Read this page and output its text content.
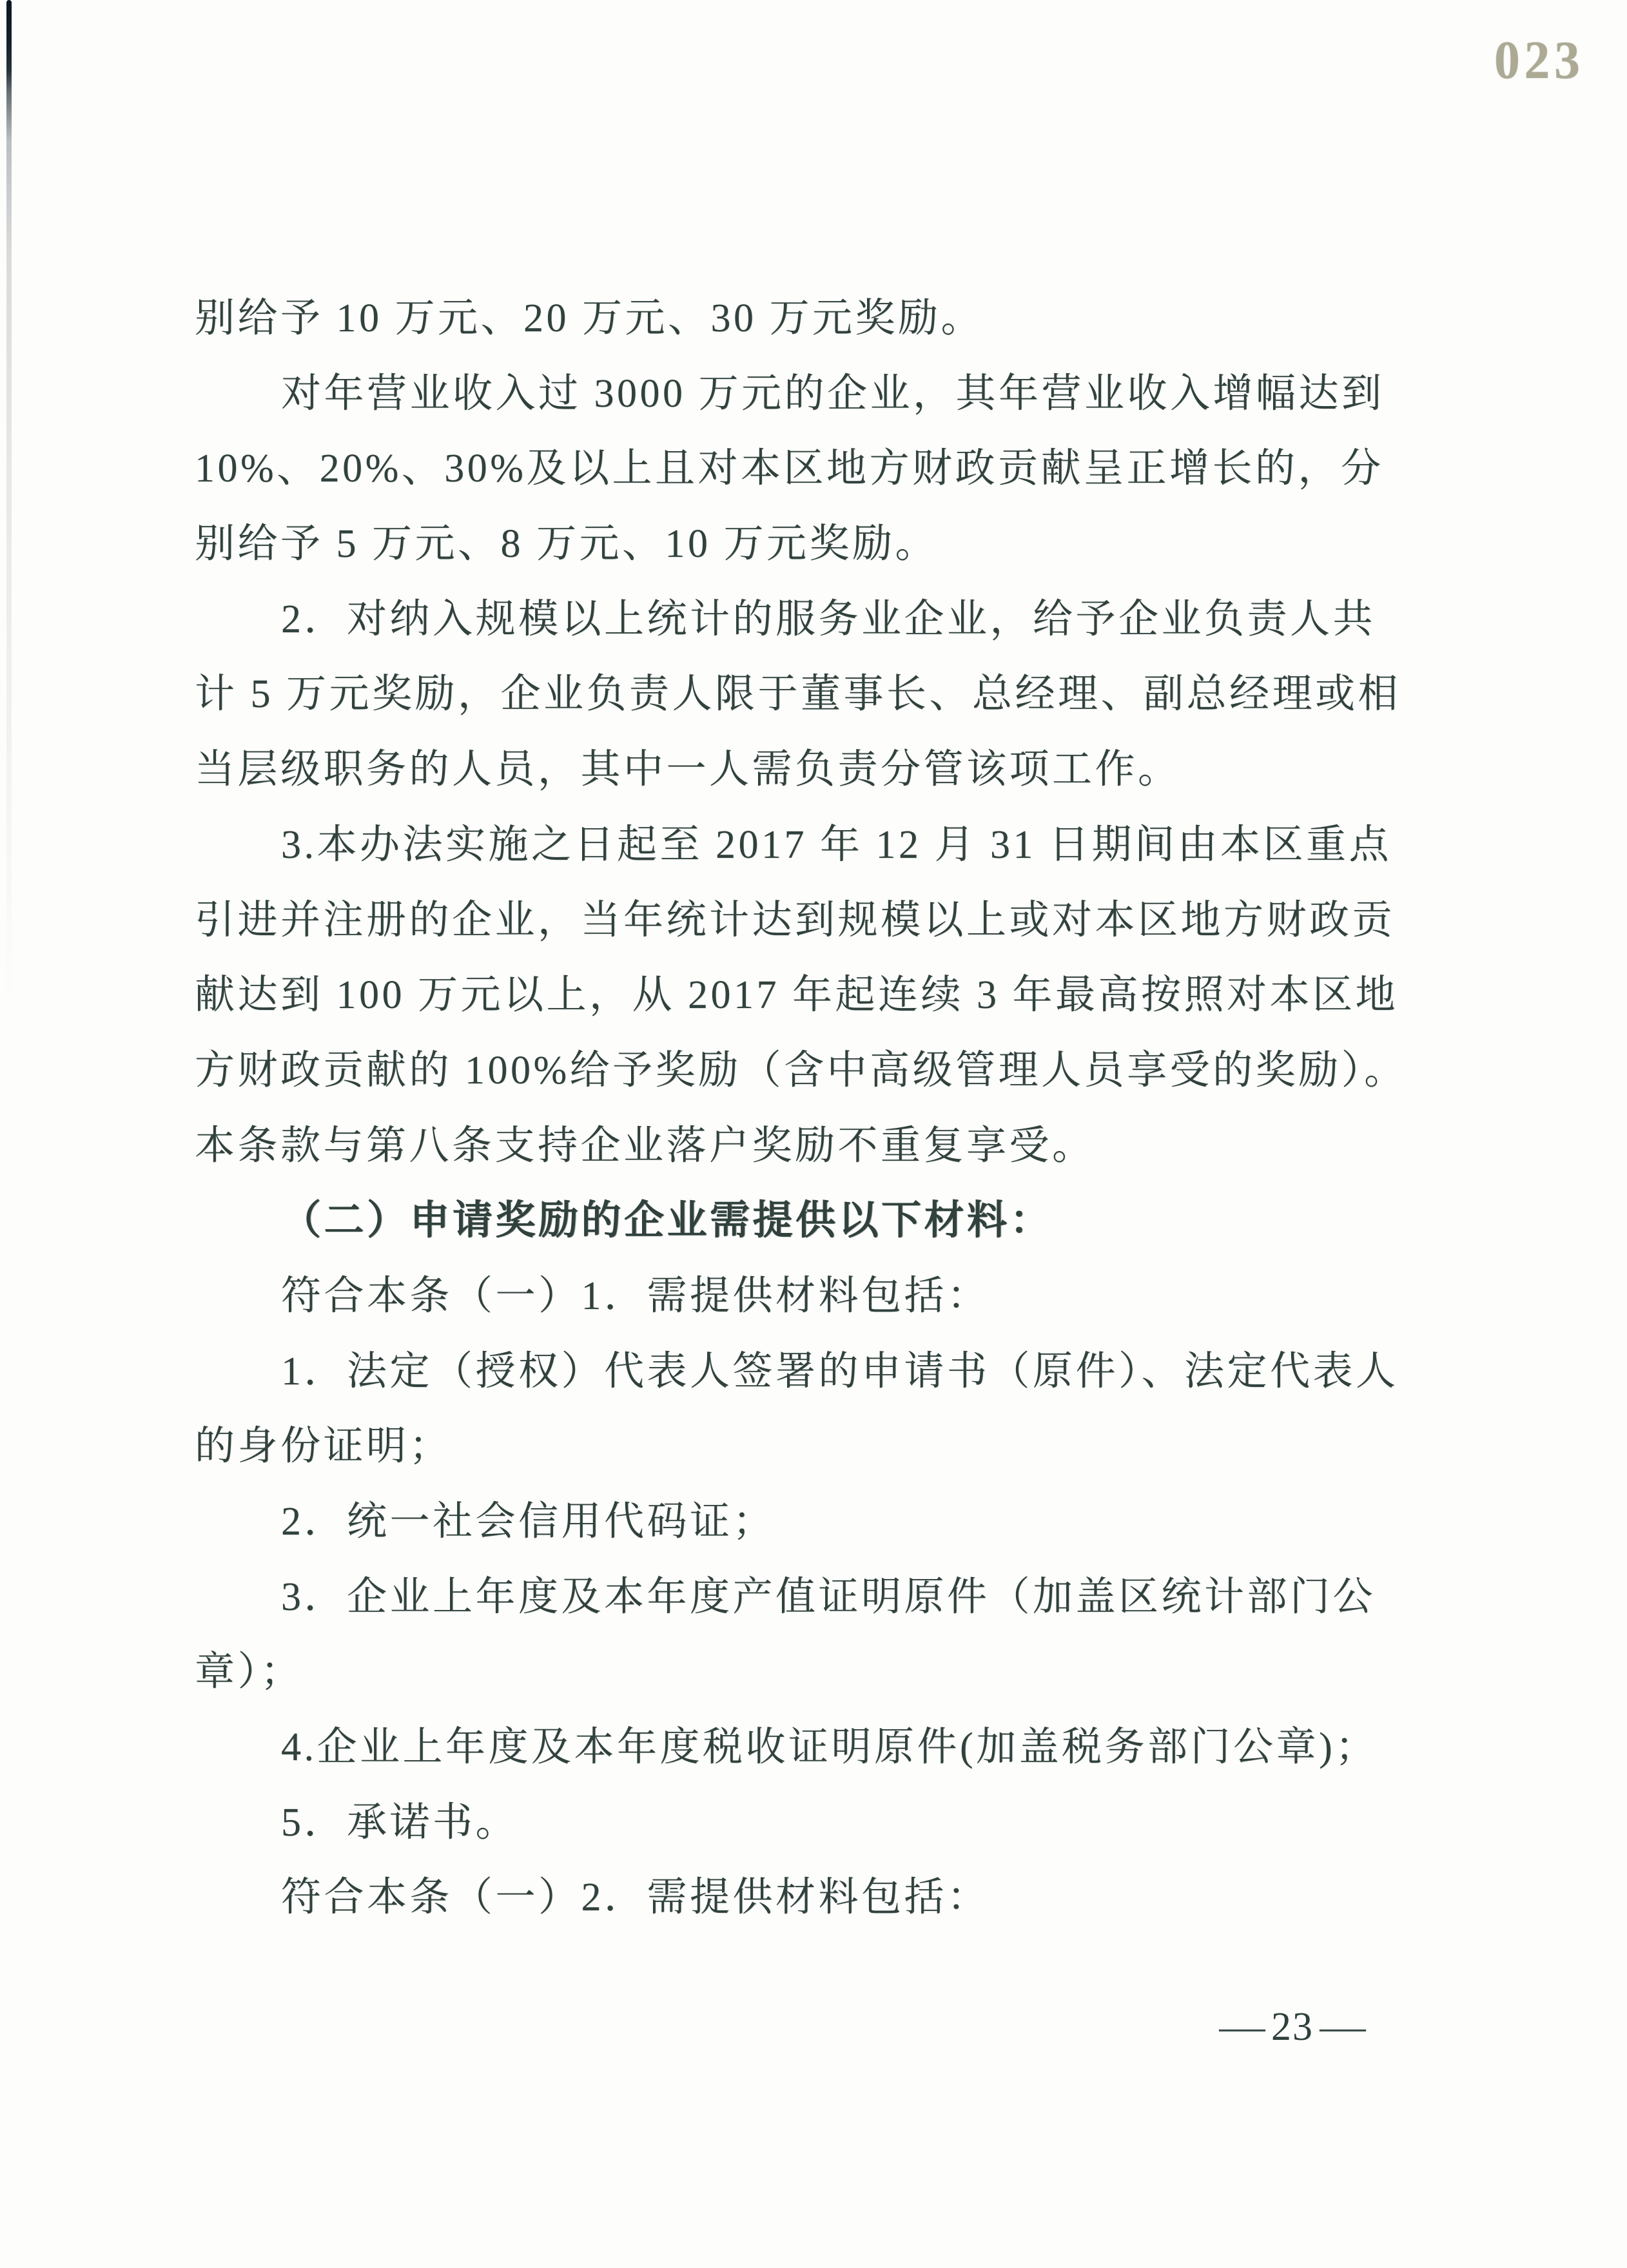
023

别给予 10 万元、20 万元、30 万元奖励。

对年营业收入过 3000 万元的企业，其年营业收入增幅达到

10%、20%、30%及以上且对本区地方财政贡献呈正增长的，分

别给予 5 万元、8 万元、10 万元奖励。

2．对纳入规模以上统计的服务业企业，给予企业负责人共

计 5 万元奖励，企业负责人限于董事长、总经理、副总经理或相

当层级职务的人员，其中一人需负责分管该项工作。

3.本办法实施之日起至 2017 年 12 月 31 日期间由本区重点

引进并注册的企业，当年统计达到规模以上或对本区地方财政贡

献达到 100 万元以上，从 2017 年起连续 3 年最高按照对本区地

方财政贡献的 100%给予奖励（含中高级管理人员享受的奖励）。

本条款与第八条支持企业落户奖励不重复享受。

（二）申请奖励的企业需提供以下材料：

符合本条（一）1．需提供材料包括：

1．法定（授权）代表人签署的申请书（原件）、法定代表人

的身份证明；

2．统一社会信用代码证；

3．企业上年度及本年度产值证明原件（加盖区统计部门公

章）；

4.企业上年度及本年度税收证明原件(加盖税务部门公章)；

5．承诺书。

符合本条（一）2．需提供材料包括：

— 23 —
